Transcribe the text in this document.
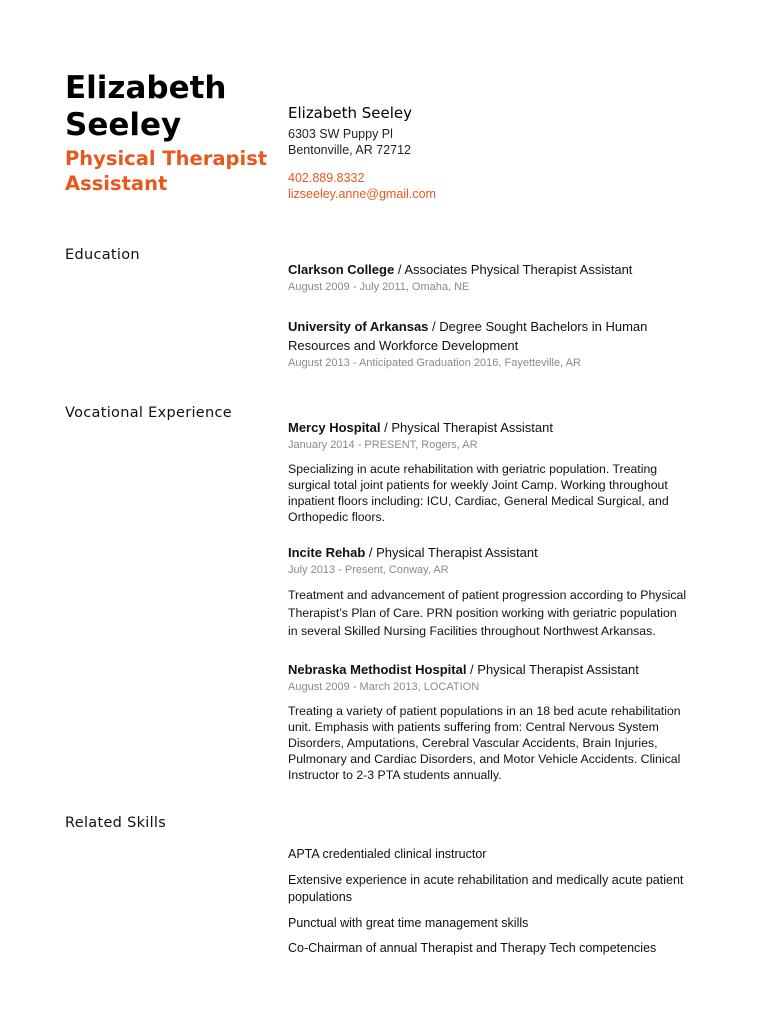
Elizabeth
Seeley
Physical Therapist
Assistant
Elizabeth Seeley
6303 SW Puppy Pl
Bentonville, AR 72712
402.889.8332
lizseeley.anne@gmail.com
Education
Clarkson College / Associates Physical Therapist Assistant
August 2009 - July 2011, Omaha, NE
University of Arkansas / Degree Sought Bachelors in Human Resources and Workforce Development
August 2013 - Anticipated Graduation 2016, Fayetteville, AR
Vocational Experience
Mercy Hospital / Physical Therapist Assistant
January 2014 - PRESENT, Rogers, AR
Specializing in acute rehabilitation with geriatric population. Treating surgical total joint patients for weekly Joint Camp. Working throughout inpatient floors including: ICU, Cardiac, General Medical Surgical, and Orthopedic floors.
Incite Rehab / Physical Therapist Assistant
July 2013 - Present, Conway, AR
Treatment and advancement of patient progression according to Physical Therapist’s Plan of Care. PRN position working with geriatric population in several Skilled Nursing Facilities throughout Northwest Arkansas.
Nebraska Methodist Hospital / Physical Therapist Assistant
August 2009 - March 2013, LOCATION
Treating a variety of patient populations in an 18 bed acute rehabilitation unit. Emphasis with patients suffering from: Central Nervous System Disorders, Amputations, Cerebral Vascular Accidents, Brain Injuries, Pulmonary and Cardiac Disorders, and Motor Vehicle Accidents. Clinical Instructor to 2-3 PTA students annually.
Related Skills
APTA credentialed clinical instructor
Extensive experience in acute rehabilitation and medically acute patient populations
Punctual with great time management skills
Co-Chairman of annual Therapist and Therapy Tech competencies
